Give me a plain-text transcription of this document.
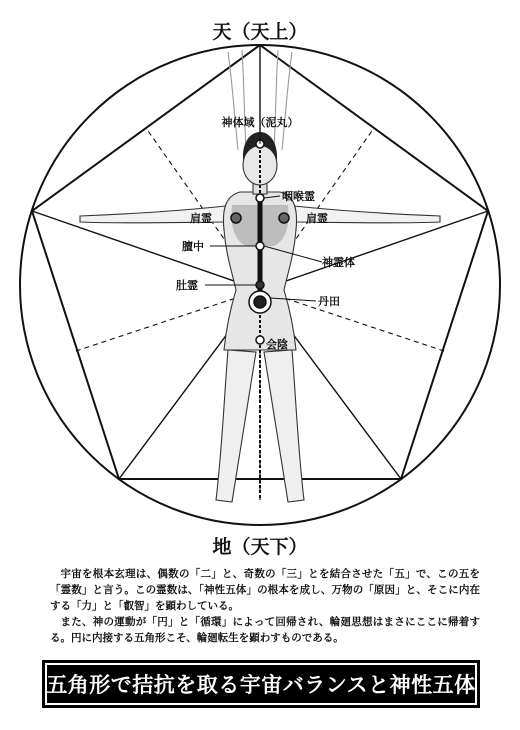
天（天上）
地（天下）
神体域（泥丸）
咽喉霊
肩霊	肩霊
膻中
神霊体
肚霊
丹田
会陰

宇宙を根本玄理は、偶数の「二」と、奇数の「三」とを結合させた「五」で、この五を「霊数」と言う。この霊数は、「神性五体」の根本を成し、万物の「原因」と、そこに内在する「力」と「叡智」を顕わしている。

また、神の運動が「円」と「循環」によって回帰され、輪廻思想はまさにここに帰着する。円に内接する五角形こそ、輪廻転生を顕わすものである。

五角形で拮抗を取る宇宙バランスと神性五体
